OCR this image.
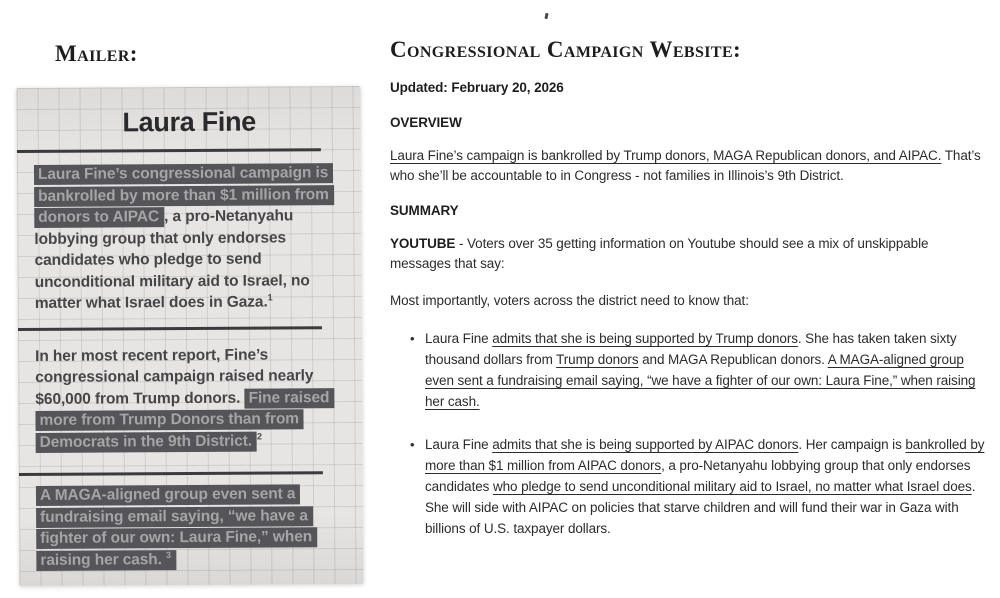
Mailer:
Laura Fine

Laura Fine’s congressional campaign is bankrolled by more than $1 million from donors to AIPAC , a pro-Netanyahu lobbying group that only endorses candidates who pledge to send unconditional military aid to Israel, no matter what Israel does in Gaza.$^1$

In her most recent report, Fine’s congressional campaign raised nearly $60,000 from Trump donors. Fine raised more from Trump Donors than from Democrats in the 9th District. $^2$

A MAGA-aligned group even sent a fundraising email saying, “we have a fighter of our own: Laura Fine,” when raising her cash. $^3$

Congressional Campaign Website:
Updated: February 20, 2026
OVERVIEW

Laura Fine’s campaign is bankrolled by Trump donors, MAGA Republican donors, and AIPAC. That’s who she’ll be accountable to in Congress - not families in Illinois’s 9th District.

SUMMARY

YOUTUBE - Voters over 35 getting information on Youtube should see a mix of unskippable messages that say:

Most importantly, voters across the district need to know that:

• Laura Fine admits that she is being supported by Trump donors. She has taken taken sixty thousand dollars from Trump donors and MAGA Republican donors. A MAGA-aligned group even sent a fundraising email saying, “we have a fighter of our own: Laura Fine,” when raising her cash.
• Laura Fine admits that she is being supported by AIPAC donors. Her campaign is bankrolled by more than $1 million from AIPAC donors, a pro-Netanyahu lobbying group that only endorses candidates who pledge to send unconditional military aid to Israel, no matter what Israel does. She will side with AIPAC on policies that starve children and will fund their war in Gaza with billions of U.S. taxpayer dollars.
